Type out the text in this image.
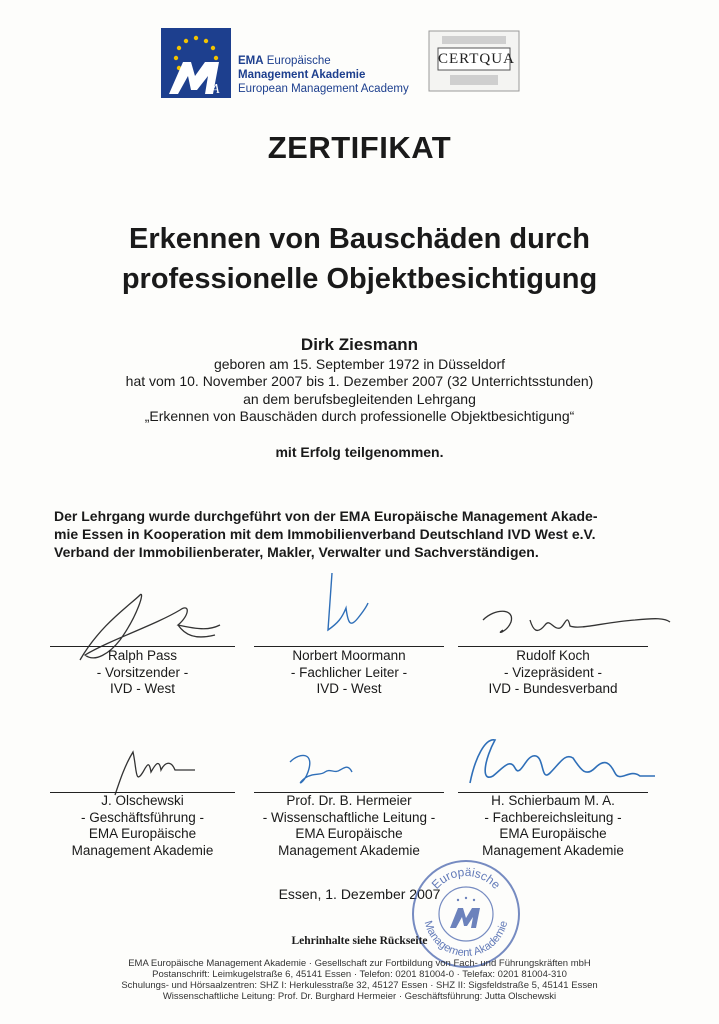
A
EMA Europäische
Management Akademie
European Management Academy
CERTQUA
ZERTIFIKAT
Erkennen von Bauschäden durch
professionelle Objektbesichtigung
Dirk Ziesmann
geboren am 15. September 1972 in Düsseldorf
hat vom 10. November 2007 bis 1. Dezember 2007 (32 Unterrichtsstunden)
an dem berufsbegleitenden Lehrgang
„Erkennen von Bauschäden durch professionelle Objektbesichtigung“
mit Erfolg teilgenommen.
Der Lehrgang wurde durchgeführt von der EMA Europäische Management Akade-
mie Essen in Kooperation mit dem Immobilienverband Deutschland IVD West e.V.
Verband der Immobilienberater, Makler, Verwalter und Sachverständigen.
Ralph Pass
- Vorsitzender -
IVD - West
Norbert Moormann
- Fachlicher Leiter -
IVD - West
Rudolf Koch
- Vizepräsident -
IVD - Bundesverband
J. Olschewski
- Geschäftsführung -
EMA Europäische
Management Akademie
Prof. Dr. B. Hermeier
- Wissenschaftliche Leitung -
EMA Europäische
Management Akademie
H. Schierbaum M. A.
- Fachbereichsleitung -
EMA Europäische
Management Akademie
Essen, 1. Dezember 2007
Europäische
Management Akademie
Lehrinhalte siehe Rückseite
EMA Europäische Management Akademie · Gesellschaft zur Fortbildung von Fach- und Führungskräften mbH
Postanschrift: Leimkugelstraße 6, 45141 Essen · Telefon: 0201 81004-0 · Telefax: 0201 81004-310
Schulungs- und Hörsaalzentren: SHZ I: Herkulesstraße 32, 45127 Essen · SHZ II: Sigsfeldstraße 5, 45141 Essen
Wissenschaftliche Leitung: Prof. Dr. Burghard Hermeier · Geschäftsführung: Jutta Olschewski
